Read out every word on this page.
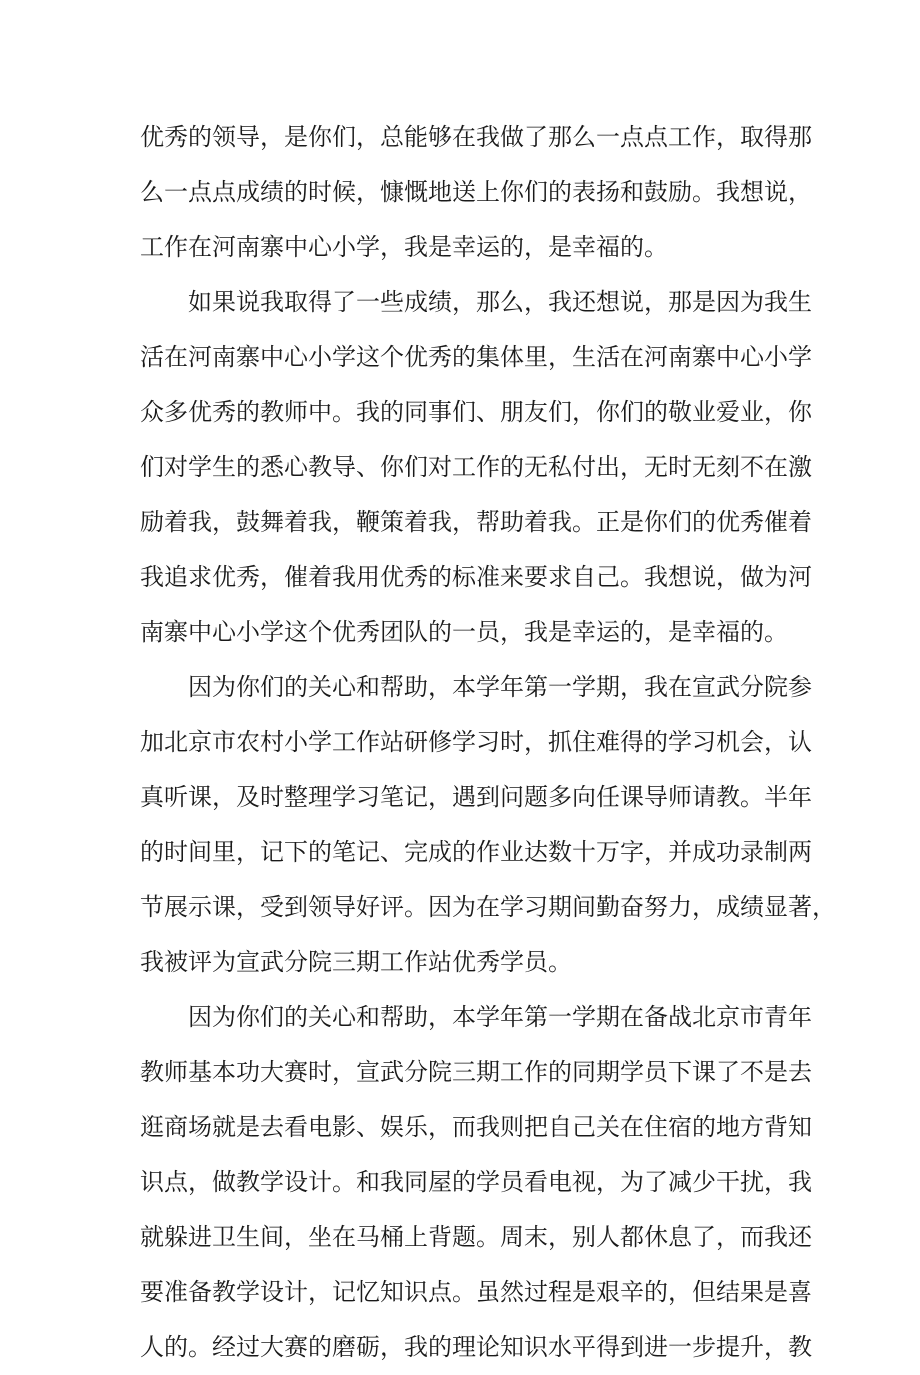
优秀的领导，是你们，总能够在我做了那么一点点工作，取得那
么一点点成绩的时候，慷慨地送上你们的表扬和鼓励。我想说，
工作在河南寨中心小学，我是幸运的，是幸福的。
如果说我取得了一些成绩，那么，我还想说，那是因为我生
活在河南寨中心小学这个优秀的集体里，生活在河南寨中心小学
众多优秀的教师中。我的同事们、朋友们，你们的敬业爱业，你
们对学生的悉心教导、你们对工作的无私付出，无时无刻不在激
励着我，鼓舞着我，鞭策着我，帮助着我。正是你们的优秀催着
我追求优秀，催着我用优秀的标准来要求自己。我想说，做为河
南寨中心小学这个优秀团队的一员，我是幸运的，是幸福的。
因为你们的关心和帮助，本学年第一学期，我在宣武分院参
加北京市农村小学工作站研修学习时，抓住难得的学习机会，认
真听课，及时整理学习笔记，遇到问题多向任课导师请教。半年
的时间里，记下的笔记、完成的作业达数十万字，并成功录制两
节展示课，受到领导好评。因为在学习期间勤奋努力，成绩显著，
我被评为宣武分院三期工作站优秀学员。
因为你们的关心和帮助，本学年第一学期在备战北京市青年
教师基本功大赛时，宣武分院三期工作的同期学员下课了不是去
逛商场就是去看电影、娱乐，而我则把自己关在住宿的地方背知
识点，做教学设计。和我同屋的学员看电视，为了减少干扰，我
就躲进卫生间，坐在马桶上背题。周末，别人都休息了，而我还
要准备教学设计，记忆知识点。虽然过程是艰辛的，但结果是喜
人的。经过大赛的磨砺，我的理论知识水平得到进一步提升，教
